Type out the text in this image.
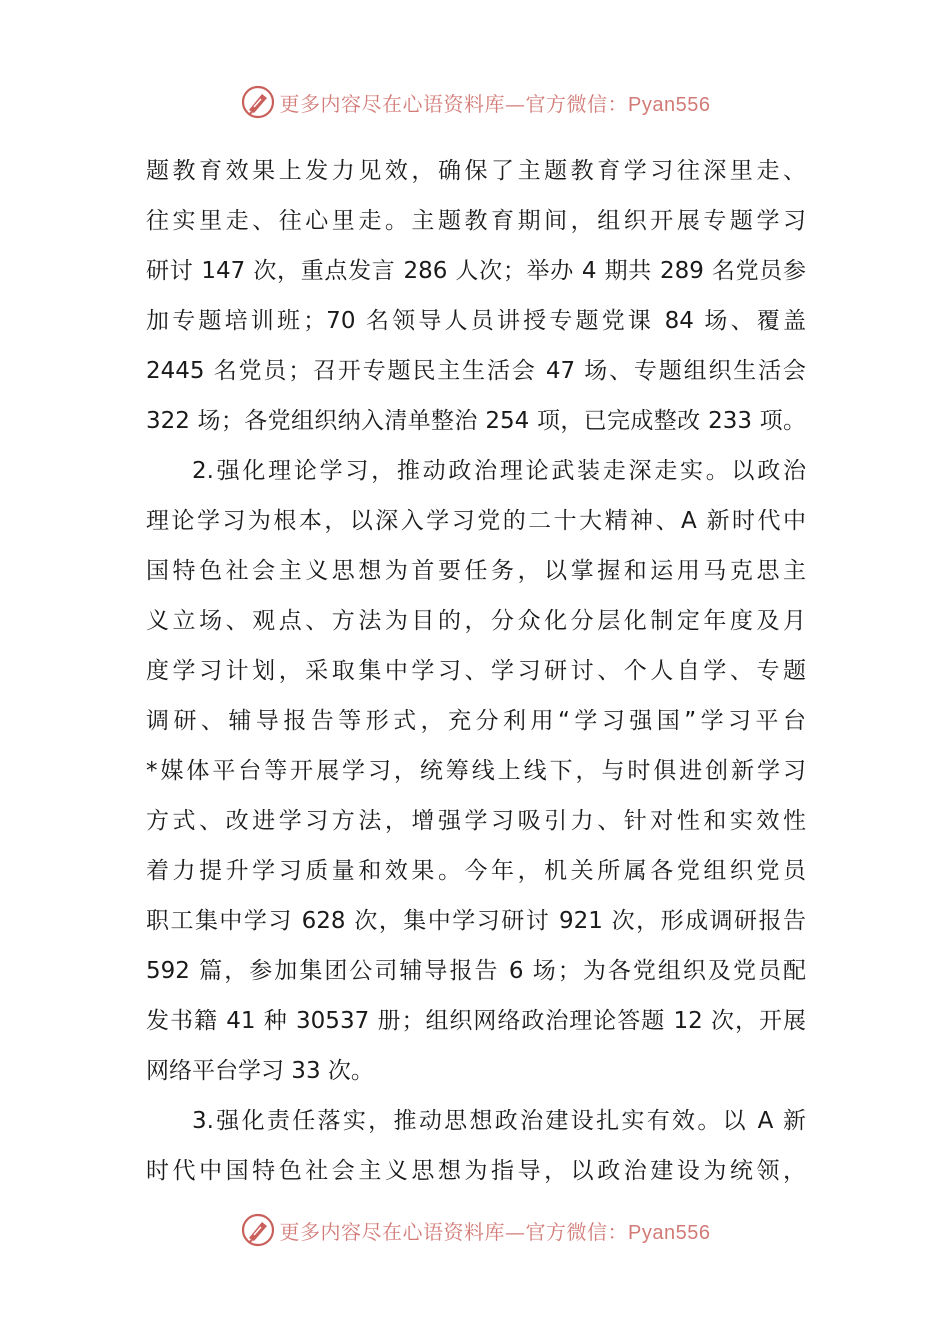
更多内容尽在心语资料库—官方微信：Pyan556
题教育效果上发力见效，确保了主题教育学习往深里走、
往实里走、往心里走。主题教育期间，组织开展专题学习
研讨 147 次，重点发言 286 人次；举办 4 期共 289 名党员参
加专题培训班；70 名领导人员讲授专题党课 84 场、覆盖
2445 名党员；召开专题民主生活会 47 场、专题组织生活会
322 场；各党组织纳入清单整治 254 项，已完成整改 233 项。
2.强化理论学习，推动政治理论武装走深走实。以政治
理论学习为根本，以深入学习党的二十大精神、A 新时代中
国特色社会主义思想为首要任务，以掌握和运用马克思主
义立场、观点、方法为目的，分众化分层化制定年度及月
度学习计划，采取集中学习、学习研讨、个人自学、专题
调研、辅导报告等形式，充分利用“学习强国”学习平台
*媒体平台等开展学习，统筹线上线下，与时俱进创新学习
方式、改进学习方法，增强学习吸引力、针对性和实效性
着力提升学习质量和效果。今年，机关所属各党组织党员
职工集中学习 628 次，集中学习研讨 921 次，形成调研报告
592 篇，参加集团公司辅导报告 6 场；为各党组织及党员配
发书籍 41 种 30537 册；组织网络政治理论答题 12 次，开展
网络平台学习 33 次。
3.强化责任落实，推动思想政治建设扎实有效。以 A 新
时代中国特色社会主义思想为指导，以政治建设为统领，
更多内容尽在心语资料库—官方微信：Pyan556
